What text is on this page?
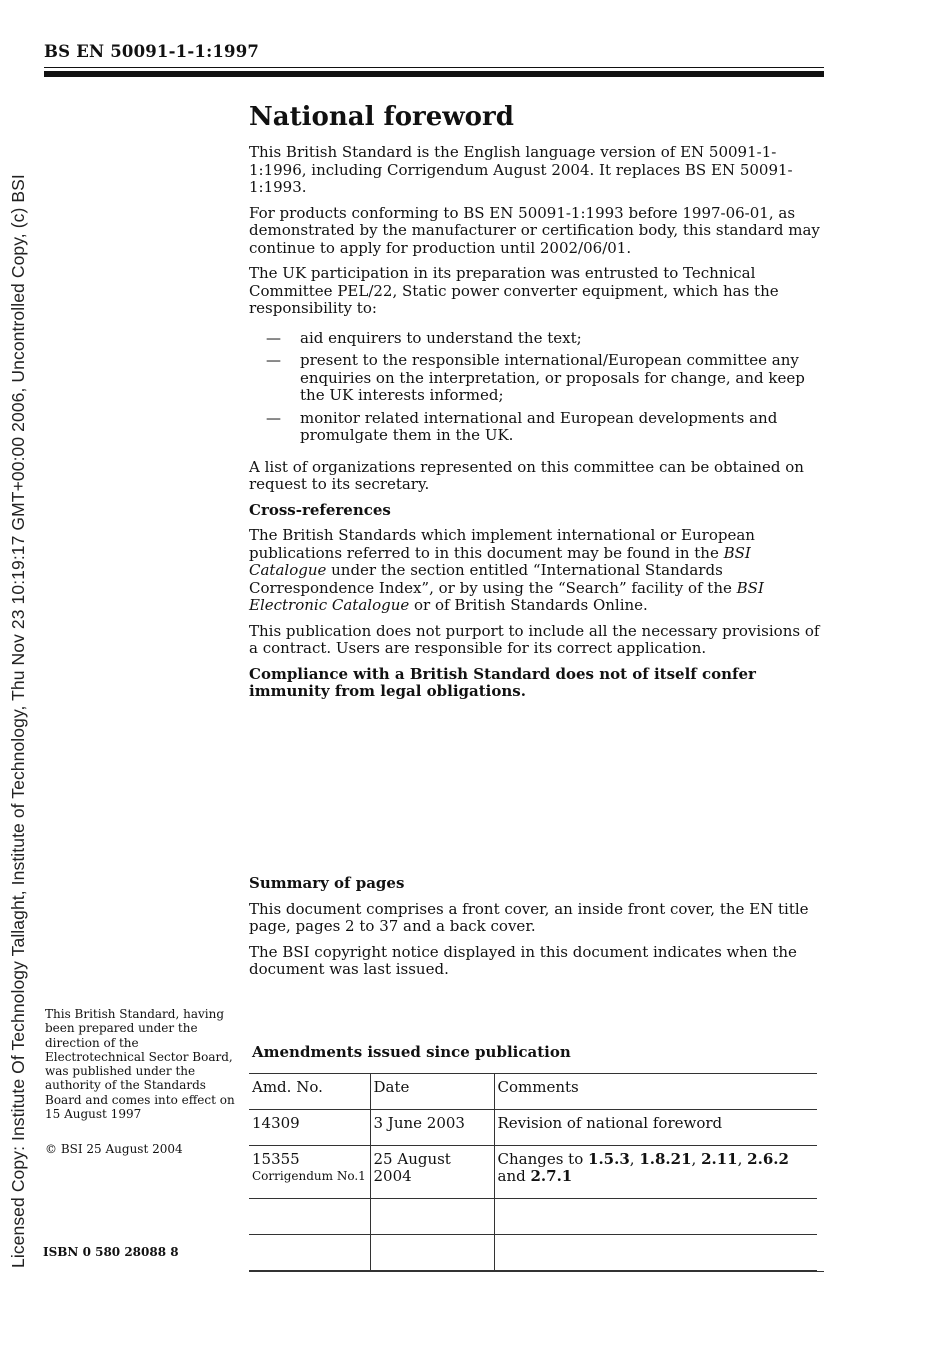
Licensed Copy: Institute Of Technology Tallaght, Institute of Technology, Thu Nov 23 10:19:17 GMT+00:00 2006, Uncontrolled Copy, (c) BSI
BS EN 50091-1-1:1997
National foreword

This British Standard is the English language version of EN 50091-1-1:1996, including Corrigendum August 2004. It replaces BS EN 50091-1:1993.

For products conforming to BS EN 50091-1:1993 before 1997-06-01, as demonstrated by the manufacturer or certification body, this standard may continue to apply for production until 2002/06/01.

The UK participation in its preparation was entrusted to Technical Committee PEL/22, Static power converter equipment, which has the responsibility to:

— aid enquirers to understand the text;
— present to the responsible international/European committee any enquiries on the interpretation, or proposals for change, and keep the UK interests informed;
— monitor related international and European developments and promulgate them in the UK.

A list of organizations represented on this committee can be obtained on request to its secretary.

Cross-references

The British Standards which implement international or European publications referred to in this document may be found in the BSI Catalogue under the section entitled “International Standards Correspondence Index”, or by using the “Search” facility of the BSI Electronic Catalogue or of British Standards Online.

This publication does not purport to include all the necessary provisions of a contract. Users are responsible for its correct application.

Compliance with a British Standard does not of itself confer immunity from legal obligations.

Summary of pages

This document comprises a front cover, an inside front cover, the EN title page, pages 2 to 37 and a back cover.

The BSI copyright notice displayed in this document indicates when the document was last issued.

This British Standard, having been prepared under the direction of the Electrotechnical Sector Board, was published under the authority of the Standards Board and comes into effect on 15 August 1997
© BSI 25 August 2004
ISBN 0 580 28088 8
Amendments issued since publication
Amd. No.	Date	Comments
14309	3 June 2003	Revision of national foreword
15355
Corrigendum No.1	25 August 2004	Changes to 1.5.3, 1.8.21, 2.11, 2.6.2 and 2.7.1
